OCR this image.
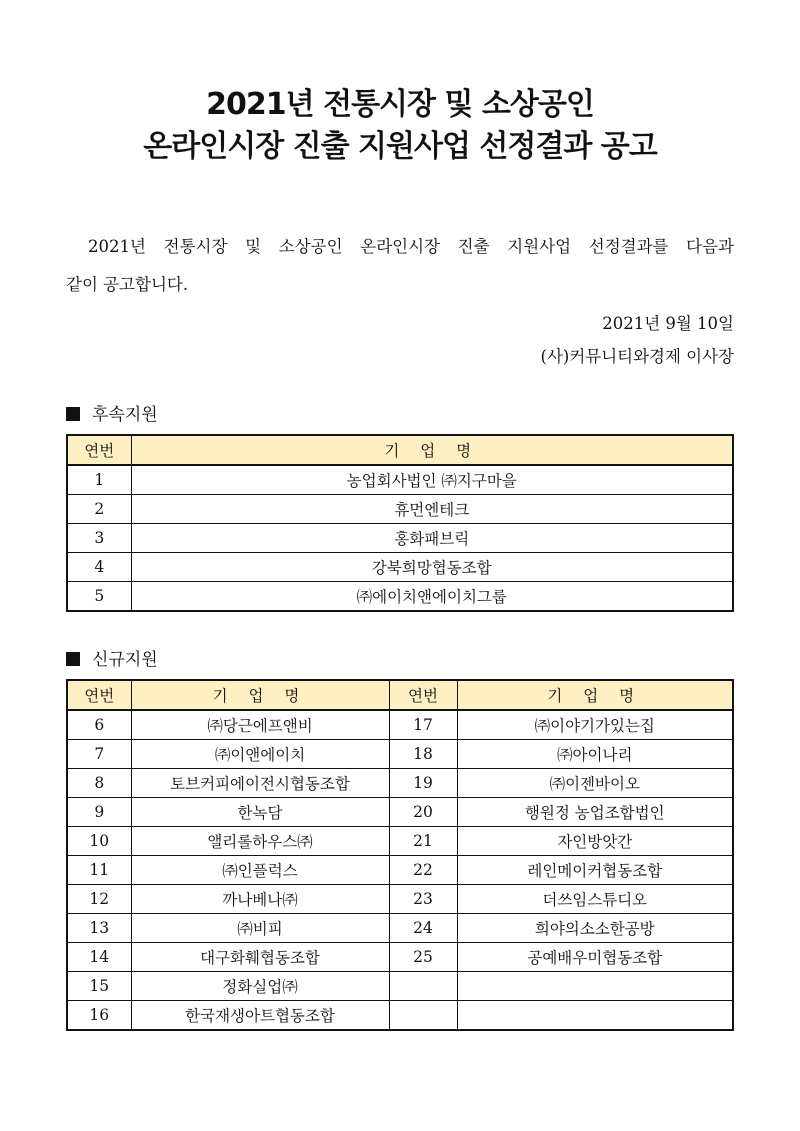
2021년 전통시장 및 소상공인
온라인시장 진출 지원사업 선정결과 공고
2021년 전통시장 및 소상공인 온라인시장 진출 지원사업 선정결과를 다음과
같이 공고합니다.
2021년 9월 10일
(사)커뮤니티와경제 이사장
후속지원
연번	기 업 명
1	농업회사법인 ㈜지구마을
2	휴먼엔테크
3	홍화패브릭
4	강북희망협동조합
5	㈜에이치앤에이치그룹
신규지원
연번	기 업 명	연번	기 업 명
6	㈜당근에프앤비	17	㈜이야기가있는집
7	㈜이앤에이치	18	㈜아이나리
8	토브커피에이전시협동조합	19	㈜이젠바이오
9	한녹담	20	행원정 농업조합법인
10	앨리롤하우스㈜	21	자인방앗간
11	㈜인플럭스	22	레인메이커협동조합
12	까나베나㈜	23	더쓰임스튜디오
13	㈜비피	24	희야의소소한공방
14	대구화훼협동조합	25	공예배우미협동조합
15	정화실업㈜		
16	한국재생아트협동조합		
